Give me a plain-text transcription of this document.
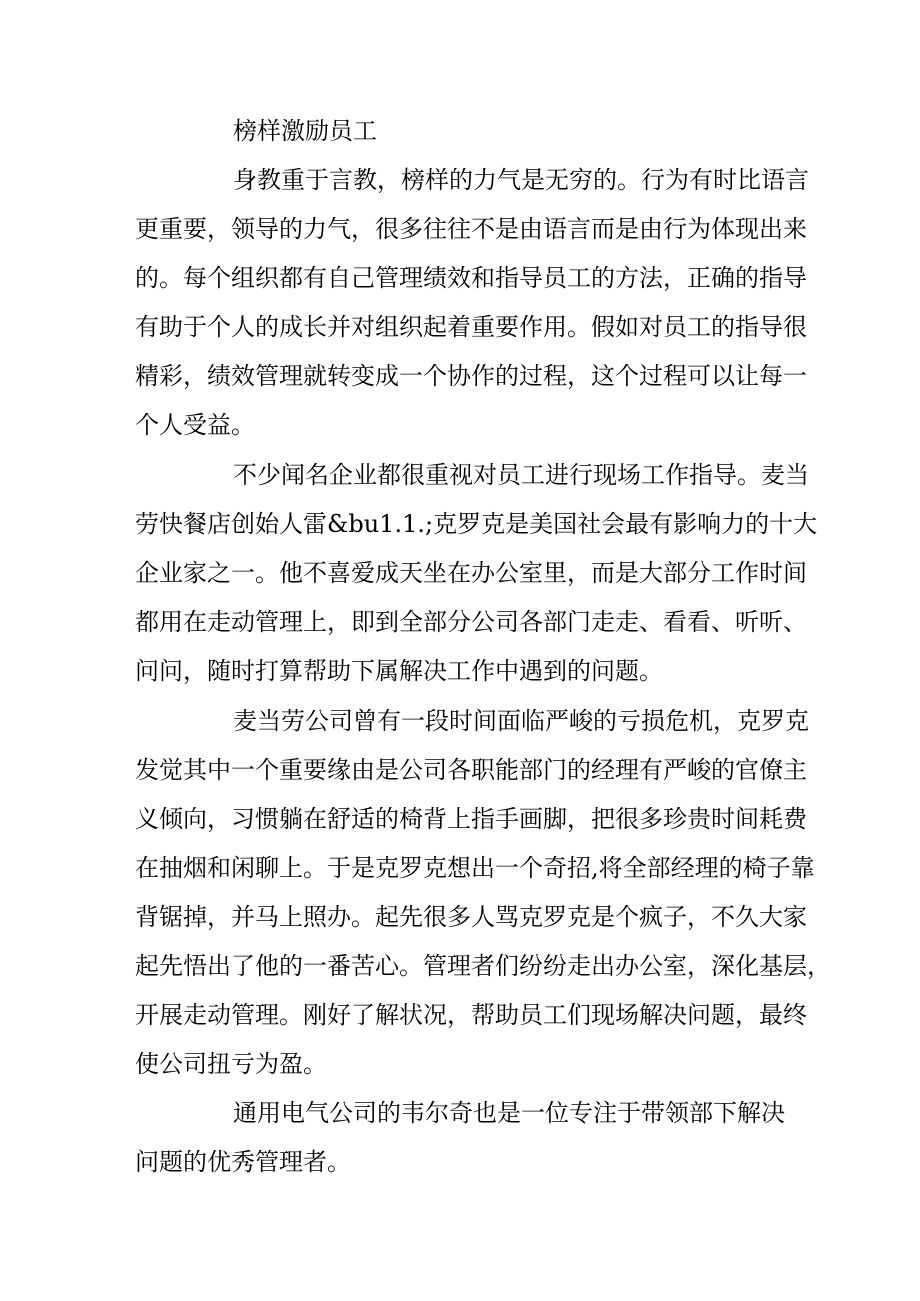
榜样激励员工
身教重于言教，榜样的力气是无穷的。行为有时比语言
更重要，领导的力气，很多往往不是由语言而是由行为体现出来
的。每个组织都有自己管理绩效和指导员工的方法，正确的指导
有助于个人的成长并对组织起着重要作用。假如对员工的指导很
精彩，绩效管理就转变成一个协作的过程，这个过程可以让每一
个人受益。
不少闻名企业都很重视对员工进行现场工作指导。麦当
劳快餐店创始人雷&bu1.1.;克罗克是美国社会最有影响力的十大
企业家之一。他不喜爱成天坐在办公室里，而是大部分工作时间
都用在走动管理上，即到全部分公司各部门走走、看看、听听、
问问，随时打算帮助下属解决工作中遇到的问题。
麦当劳公司曾有一段时间面临严峻的亏损危机，克罗克
发觉其中一个重要缘由是公司各职能部门的经理有严峻的官僚主
义倾向，习惯躺在舒适的椅背上指手画脚，把很多珍贵时间耗费
在抽烟和闲聊上。于是克罗克想出一个奇招,将全部经理的椅子靠
背锯掉，并马上照办。起先很多人骂克罗克是个疯子，不久大家
起先悟出了他的一番苦心。管理者们纷纷走出办公室，深化基层，
开展走动管理。刚好了解状况，帮助员工们现场解决问题，最终
使公司扭亏为盈。
通用电气公司的韦尔奇也是一位专注于带领部下解决
问题的优秀管理者。
